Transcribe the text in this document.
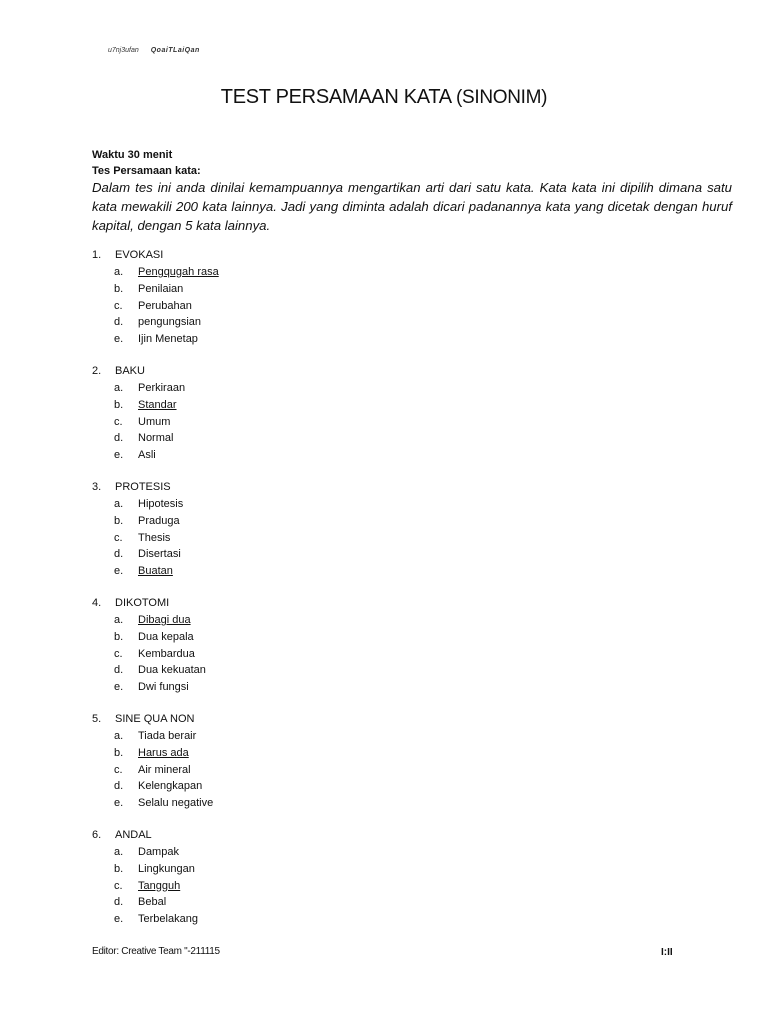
u7nj3ufan QoaiTLaiQan
TEST PERSAMAAN KATA (SINONIM)
Waktu 30 menit
Tes Persamaan kata:
Dalam tes ini anda dinilai kemampuannya mengartikan arti dari satu kata. Kata kata ini dipilih dimana satu kata mewakili 200 kata lainnya. Jadi yang diminta adalah dicari padanannya kata yang dicetak dengan huruf kapital, dengan 5 kata lainnya.
1.	EVOKASI
a.	Pengqugah rasa
b.	Penilaian
c.	Perubahan
d.	pengungsian
e.	Ijin Menetap
2.	BAKU
a.	Perkiraan
b.	Standar
c.	Umum
d.	Normal
e.	Asli
3.	PROTESIS
a.	Hipotesis
b.	Praduga
c.	Thesis
d.	Disertasi
e.	Buatan
4.	DIKOTOMI
a.	Dibagi dua
b.	Dua kepala
c.	Kembardua
d.	Dua kekuatan
e.	Dwi fungsi
5.	SINE QUA NON
a.	Tiada berair
b.	Harus ada
c.	Air mineral
d.	Kelengkapan
e.	Selalu negative
6.	ANDAL
a.	Dampak
b.	Lingkungan
c.	Tangguh
d.	Bebal
e.	Terbelakang
Editor: Creative Team "-211115	I:II
